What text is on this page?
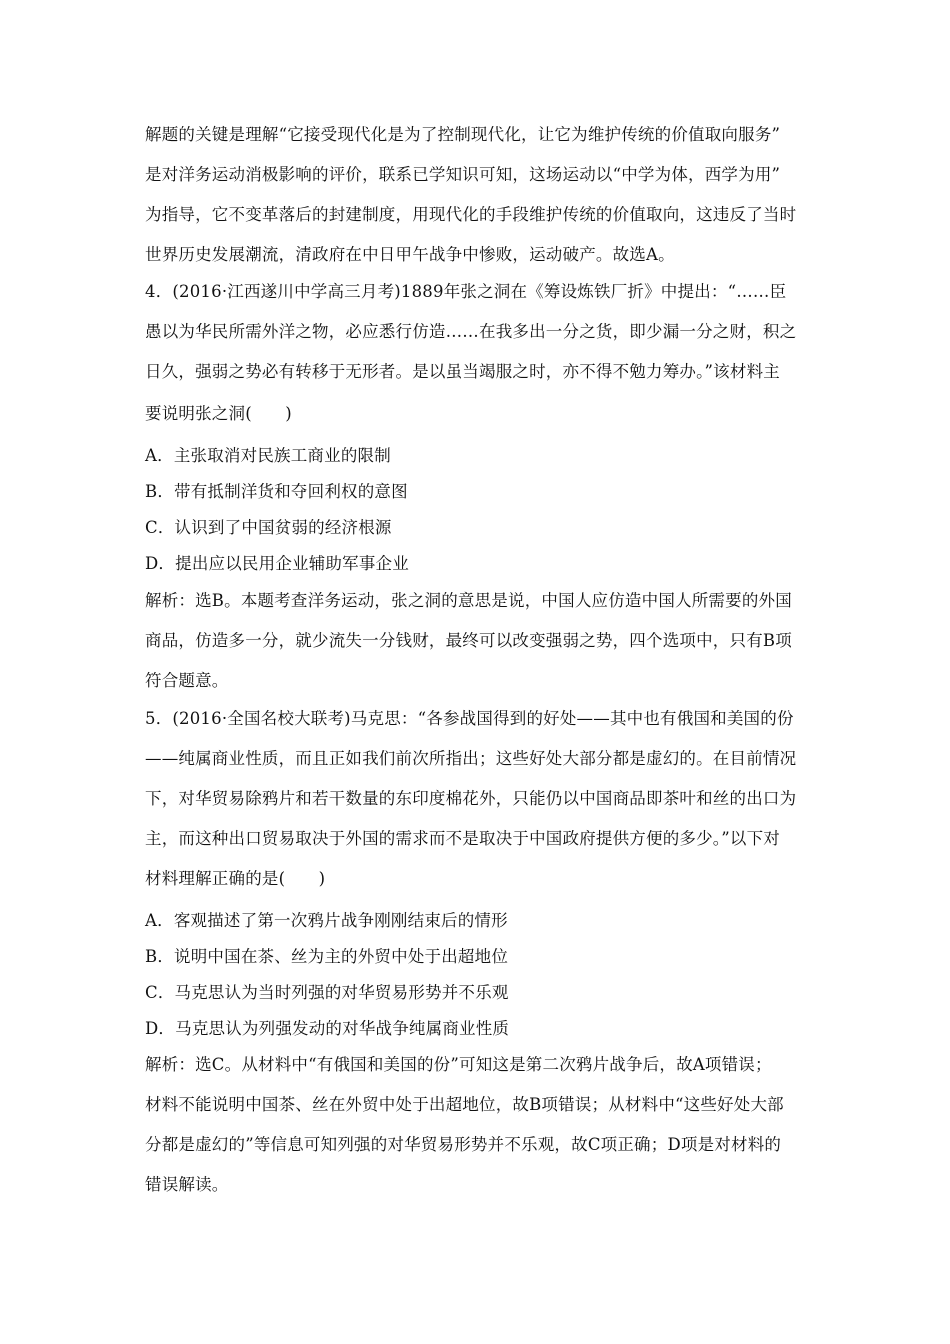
解题的关键是理解“它接受现代化是为了控制现代化，让它为维护传统的价值取向服务”
是对洋务运动消极影响的评价，联系已学知识可知，这场运动以“中学为体，西学为用”
为指导，它不变革落后的封建制度，用现代化的手段维护传统的价值取向，这违反了当时
世界历史发展潮流，清政府在中日甲午战争中惨败，运动破产。故选A。
4．(2016·江西遂川中学高三月考)1889年张之洞在《筹设炼铁厂折》中提出：“……臣
愚以为华民所需外洋之物，必应悉行仿造……在我多出一分之货，即少漏一分之财，积之
日久，强弱之势必有转移于无形者。是以虽当竭服之时，亦不得不勉力筹办。”该材料主
要说明张之洞(　　)
A．主张取消对民族工商业的限制
B．带有抵制洋货和夺回利权的意图
C．认识到了中国贫弱的经济根源
D．提出应以民用企业辅助军事企业
解析：选B。本题考查洋务运动，张之洞的意思是说，中国人应仿造中国人所需要的外国
商品，仿造多一分，就少流失一分钱财，最终可以改变强弱之势，四个选项中，只有B项
符合题意。
5．(2016·全国名校大联考)马克思：“各参战国得到的好处——其中也有俄国和美国的份
——纯属商业性质，而且正如我们前次所指出；这些好处大部分都是虚幻的。在目前情况
下，对华贸易除鸦片和若干数量的东印度棉花外，只能仍以中国商品即茶叶和丝的出口为
主，而这种出口贸易取决于外国的需求而不是取决于中国政府提供方便的多少。”以下对
材料理解正确的是(　　)
A．客观描述了第一次鸦片战争刚刚结束后的情形
B．说明中国在茶、丝为主的外贸中处于出超地位
C．马克思认为当时列强的对华贸易形势并不乐观
D．马克思认为列强发动的对华战争纯属商业性质
解析：选C。从材料中“有俄国和美国的份”可知这是第二次鸦片战争后，故A项错误；
材料不能说明中国茶、丝在外贸中处于出超地位，故B项错误；从材料中“这些好处大部
分都是虚幻的”等信息可知列强的对华贸易形势并不乐观，故C项正确；D项是对材料的
错误解读。
